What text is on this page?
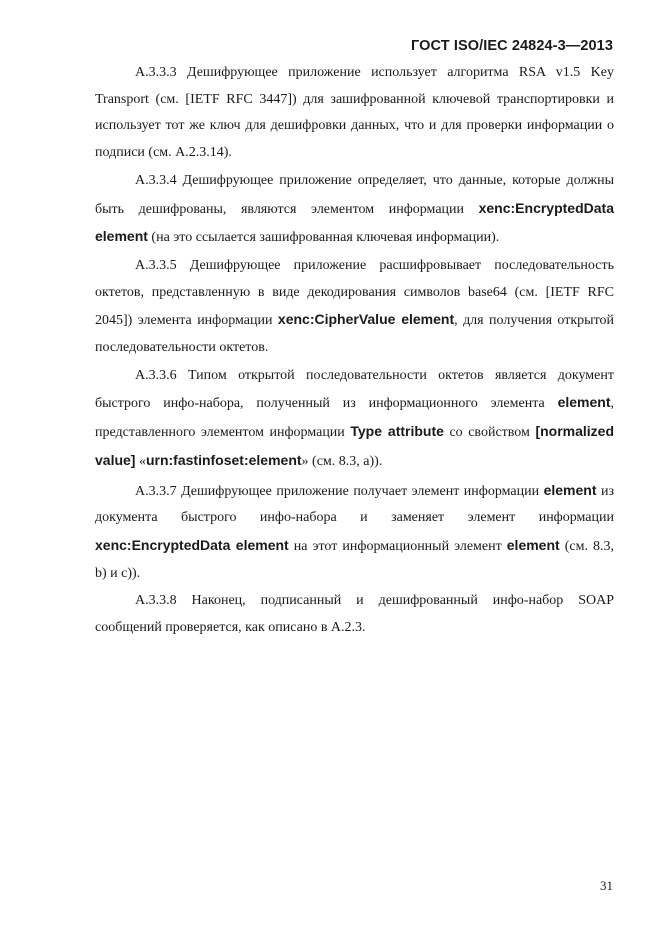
ГОСТ ISO/IEC 24824-3—2013

А.3.3.3 Дешифрующее приложение использует алгоритма RSA v1.5 Key Transport (см. [IETF RFC 3447]) для зашифрованной ключевой транспортировки и использует тот же ключ для дешифровки данных, что и для проверки информации о подписи (см. А.2.3.14).

А.3.3.4 Дешифрующее приложение определяет, что данные, которые должны быть дешифрованы, являются элементом информации xenc:EncryptedData element (на это ссылается зашифрованная ключевая информации).

А.3.3.5 Дешифрующее приложение расшифровывает последовательность октетов, представленную в виде декодирования символов base64 (см. [IETF RFC 2045]) элемента информации xenc:CipherValue element, для получения открытой последовательности октетов.

А.3.3.6 Типом открытой последовательности октетов является документ быстрого инфо-набора, полученный из информационного элемента element, представленного элементом информации Type attribute со свойством [normalized value] «urn:fastinfoset:element» (см. 8.3, а)).

А.3.3.7 Дешифрующее приложение получает элемент информации element из документа быстрого инфо-набора и заменяет элемент информации xenc:EncryptedData element на этот информационный элемент element (см. 8.3, b) и с)).

А.3.3.8 Наконец, подписанный и дешифрованный инфо-набор SOAP сообщений проверяется, как описано в А.2.3.

31
